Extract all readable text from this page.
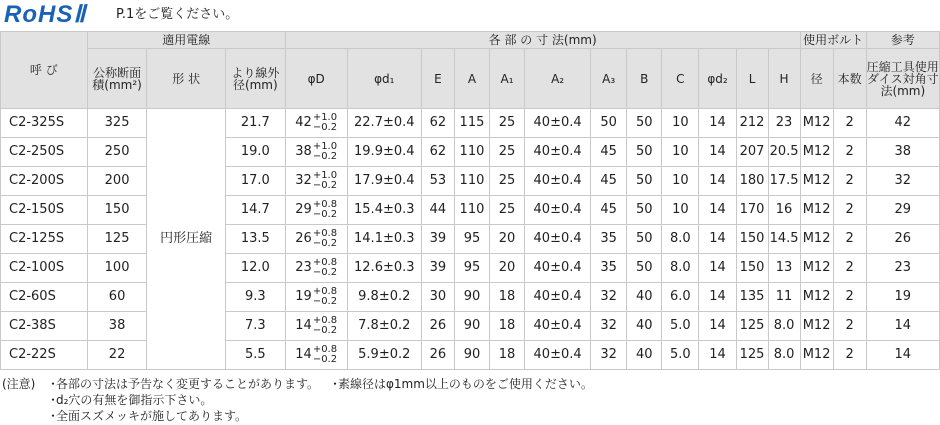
RoHSⅡ P.1をご覧ください。
呼 び	適用電線			各 部 の 寸 法(mm)												使用ボルト		参考
	公称断面積(mm²)	形 状	より線外径(mm)	φD	φd₁	E	A	A₁	A₂	A₃	B	C	φd₂	L	H	径	本数	圧縮工具使用ダイス対角寸法(mm)
C2-325S	325	円形圧縮	21.7	42 +1.0
−0.2	22.7±0.4	62	115	25	40±0.4	50	50	10	14	212	23	M12	2	42
C2-250S	250		19.0	38 +1.0
−0.2	19.9±0.4	62	110	25	40±0.4	45	50	10	14	207	20.5	M12	2	38
C2-200S	200		17.0	32 +1.0
−0.2	17.9±0.4	53	110	25	40±0.4	45	50	10	14	180	17.5	M12	2	32
C2-150S	150		14.7	29 +0.8
−0.2	15.4±0.3	44	110	25	40±0.4	45	50	10	14	170	16	M12	2	29
C2-125S	125		13.5	26 +0.8
−0.2	14.1±0.3	39	95	20	40±0.4	35	50	8.0	14	150	14.5	M12	2	26
C2-100S	100		12.0	23 +0.8
−0.2	12.6±0.3	39	95	20	40±0.4	35	50	8.0	14	150	13	M12	2	23
C2-60S	60		9.3	19 +0.8
−0.2	9.8±0.2	30	90	18	40±0.4	32	40	6.0	14	135	11	M12	2	19
C2-38S	38		7.3	14 +0.8
−0.2	7.8±0.2	26	90	18	40±0.4	32	40	5.0	14	125	8.0	M12	2	14
C2-22S	22		5.5	14 +0.8
−0.2	5.9±0.2	26	90	18	40±0.4	32	40	5.0	14	125	8.0	M12	2	14
(注意) ･各部の寸法は予告なく変更することがあります。 ･素線径はφ1mm以上のものをご使用ください。
･d₂穴の有無を御指示下さい。
･全面スズメッキが施してあります。
